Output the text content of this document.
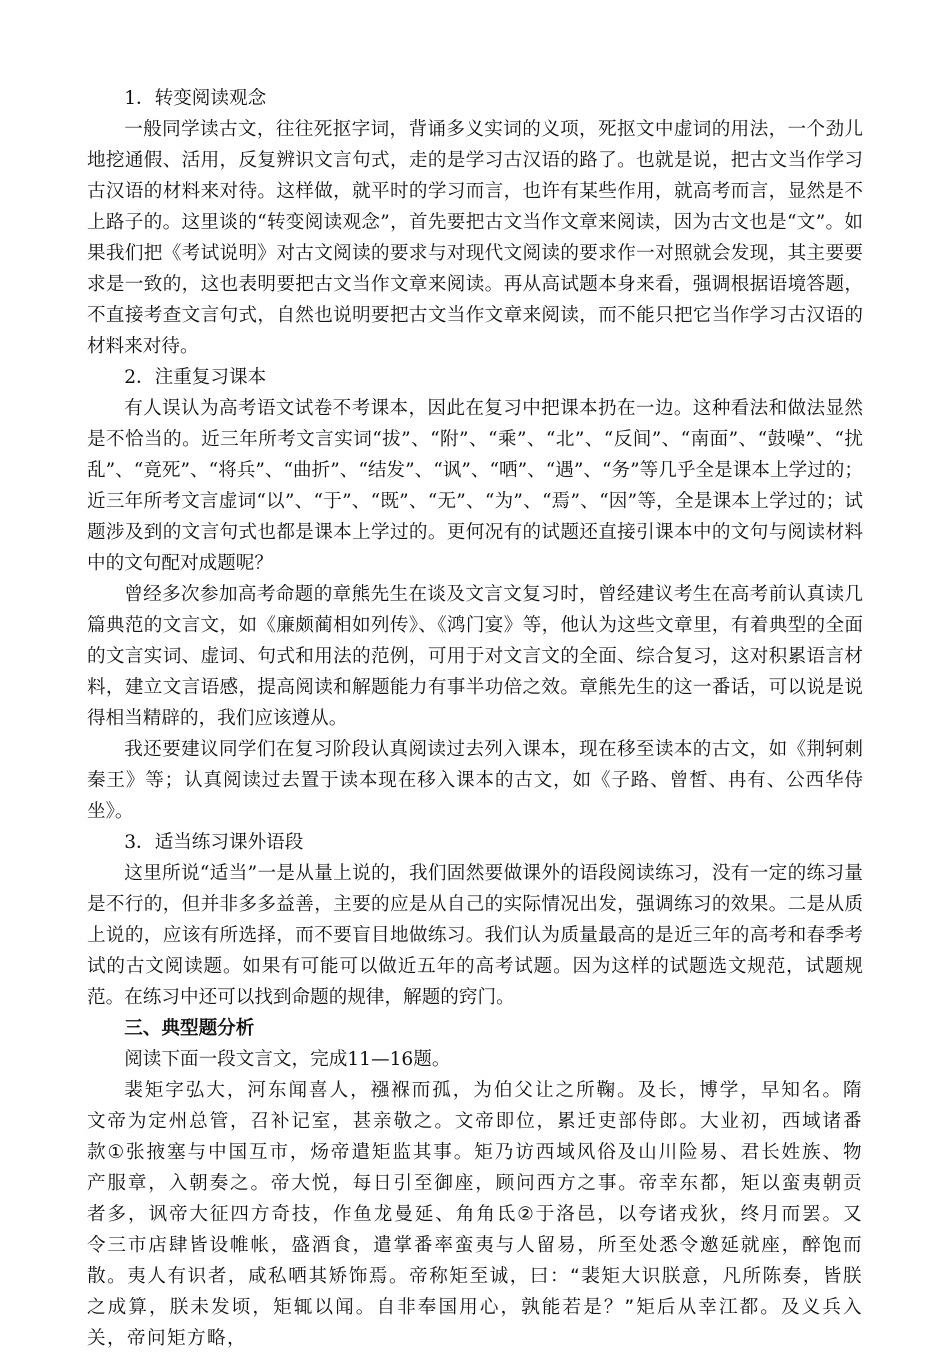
1．转变阅读观念

一般同学读古文，往往死抠字词，背诵多义实词的义项，死抠文中虚词的用法，一个劲儿地挖通假、活用，反复辨识文言句式，走的是学习古汉语的路了。也就是说，把古文当作学习古汉语的材料来对待。这样做，就平时的学习而言，也许有某些作用，就高考而言，显然是不上路子的。这里谈的“转变阅读观念”，首先要把古文当作文章来阅读，因为古文也是“文”。如果我们把《考试说明》对古文阅读的要求与对现代文阅读的要求作一对照就会发现，其主要要求是一致的，这也表明要把古文当作文章来阅读。再从高试题本身来看，强调根据语境答题，不直接考查文言句式，自然也说明要把古文当作文章来阅读，而不能只把它当作学习古汉语的材料来对待。

2．注重复习课本

有人误认为高考语文试卷不考课本，因此在复习中把课本扔在一边。这种看法和做法显然是不恰当的。近三年所考文言实词“拔”、“附”、“乘”、“北”、“反间”、“南面”、“鼓噪”、“扰乱”、“竟死”、“将兵”、“曲折”、“结发”、“讽”、“哂”、“遇”、“务”等几乎全是课本上学过的；近三年所考文言虚词“以”、“于”、“既”、“无”、“为”、“焉”、“因”等，全是课本上学过的；试题涉及到的文言句式也都是课本上学过的。更何况有的试题还直接引课本中的文句与阅读材料中的文句配对成题呢？

曾经多次参加高考命题的章熊先生在谈及文言文复习时，曾经建议考生在高考前认真读几篇典范的文言文，如《廉颇蔺相如列传》、《鸿门宴》等，他认为这些文章里，有着典型的全面的文言实词、虚词、句式和用法的范例，可用于对文言文的全面、综合复习，这对积累语言材料，建立文言语感，提高阅读和解题能力有事半功倍之效。章熊先生的这一番话，可以说是说得相当精辟的，我们应该遵从。

我还要建议同学们在复习阶段认真阅读过去列入课本，现在移至读本的古文，如《荆轲刺秦王》等；认真阅读过去置于读本现在移入课本的古文，如《子路、曾皙、冉有、公西华侍坐》。

3．适当练习课外语段

这里所说“适当”一是从量上说的，我们固然要做课外的语段阅读练习，没有一定的练习量是不行的，但并非多多益善，主要的应是从自己的实际情况出发，强调练习的效果。二是从质上说的，应该有所选择，而不要盲目地做练习。我们认为质量最高的是近三年的高考和春季考试的古文阅读题。如果有可能可以做近五年的高考试题。因为这样的试题选文规范，试题规范。在练习中还可以找到命题的规律，解题的窍门。

三、典型题分析

阅读下面一段文言文，完成11—16题。

裴矩字弘大，河东闻喜人，襁褓而孤，为伯父让之所鞠。及长，博学，早知名。隋文帝为定州总管，召补记室，甚亲敬之。文帝即位，累迁吏部侍郎。大业初，西域诸番款①张掖塞与中国互市，炀帝遣矩监其事。矩乃访西域风俗及山川险易、君长姓族、物产服章，入朝奏之。帝大悦，每日引至御座，顾问西方之事。帝幸东都，矩以蛮夷朝贡者多，讽帝大征四方奇技，作鱼龙曼延、角角氐②于洛邑，以夸诸戎狄，终月而罢。又令三市店肆皆设帷帐，盛酒食，遣掌番率蛮夷与人留易，所至处悉令邀延就座，醉饱而散。夷人有识者，咸私哂其矫饰焉。帝称矩至诚，曰：“裴矩大识朕意，凡所陈奏，皆朕之成算，朕未发顷，矩辄以闻。自非奉国用心，孰能若是？”矩后从幸江都。及义兵入关，帝问矩方略，
